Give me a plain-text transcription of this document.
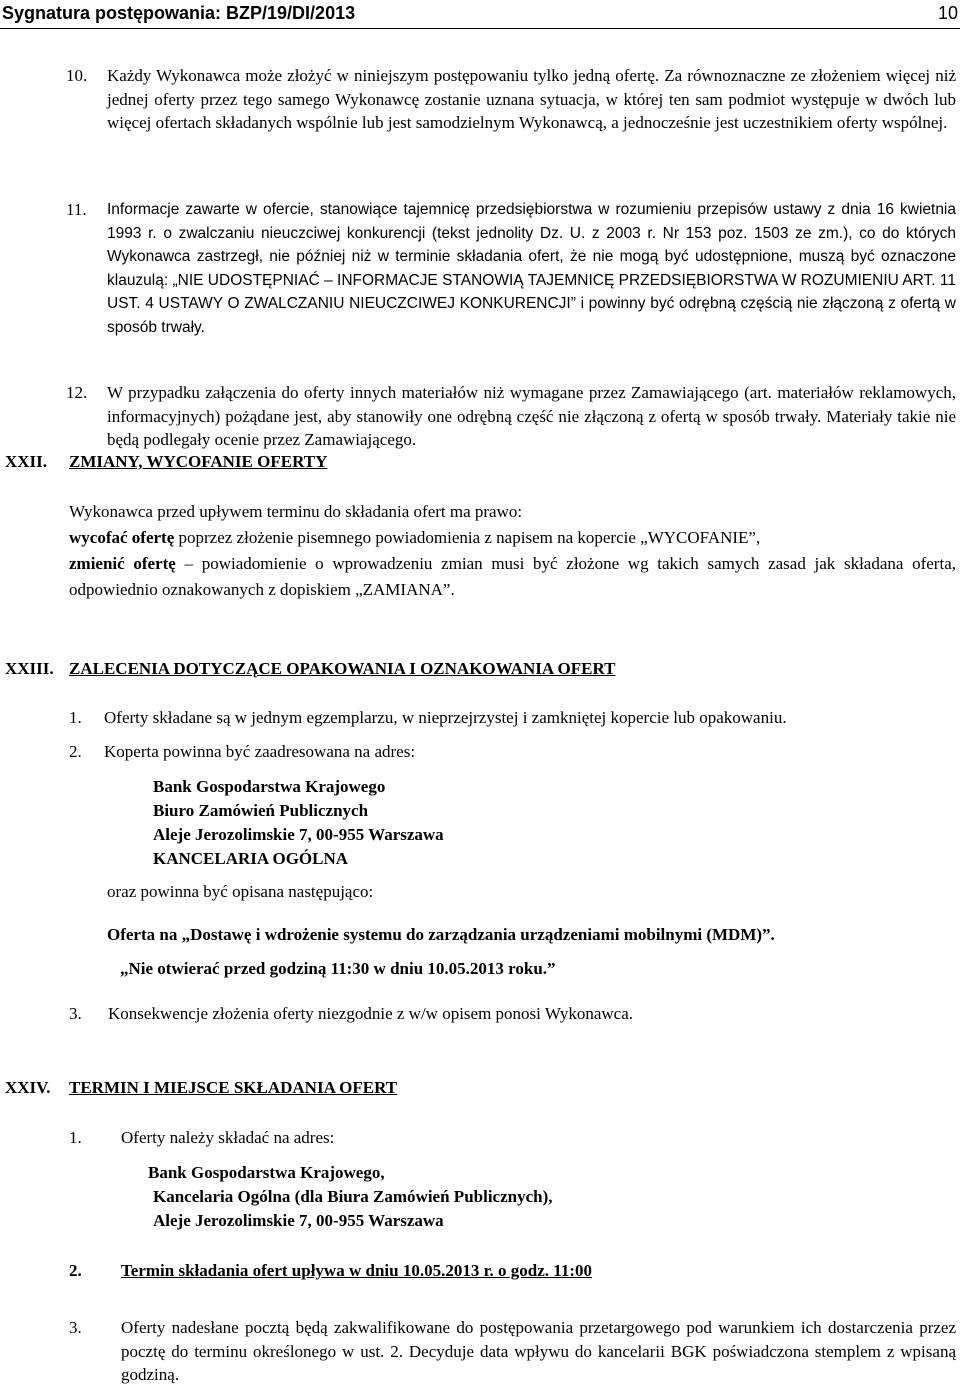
Sygnatura postępowania: BZP/19/DI/2013	10
10. Każdy Wykonawca może złożyć w niniejszym postępowaniu tylko jedną ofertę. Za równoznaczne ze złożeniem więcej niż jednej oferty przez tego samego Wykonawcę zostanie uznana sytuacja, w której ten sam podmiot występuje w dwóch lub więcej ofertach składanych wspólnie lub jest samodzielnym Wykonawcą, a jednocześnie jest uczestnikiem oferty wspólnej.

11. Informacje zawarte w ofercie, stanowiące tajemnicę przedsiębiorstwa w rozumieniu przepisów ustawy z dnia 16 kwietnia 1993 r. o zwalczaniu nieuczciwej konkurencji (tekst jednolity Dz. U. z 2003 r. Nr 153 poz. 1503 ze zm.), co do których Wykonawca zastrzegł, nie później niż w terminie składania ofert, że nie mogą być udostępnione, muszą być oznaczone klauzulą: „NIE UDOSTĘPNIAĆ – INFORMACJE STANOWIĄ TAJEMNICĘ PRZEDSIĘBIORSTWA W ROZUMIENIU ART. 11 UST. 4 USTAWY O ZWALCZANIU NIEUCZCIWEJ KONKURENCJI” i powinny być odrębną częścią nie złączoną z ofertą w sposób trwały.

12. W przypadku załączenia do oferty innych materiałów niż wymagane przez Zamawiającego (art. materiałów reklamowych, informacyjnych) pożądane jest, aby stanowiły one odrębną część nie złączoną z ofertą w sposób trwały. Materiały takie nie będą podlegały ocenie przez Zamawiającego.

XXII. ZMIANY, WYCOFANIE OFERTY

Wykonawca przed upływem terminu do składania ofert ma prawo:

wycofać ofertę poprzez złożenie pisemnego powiadomienia z napisem na kopercie „WYCOFANIE”,

zmienić ofertę – powiadomienie o wprowadzeniu zmian musi być złożone wg takich samych zasad jak składana oferta, odpowiednio oznakowanych z dopiskiem „ZAMIANA”.

XXIII. ZALECENIA DOTYCZĄCE OPAKOWANIA I OZNAKOWANIA OFERT
1. Oferty składane są w jednym egzemplarzu, w nieprzejrzystej i zamkniętej kopercie lub opakowaniu.

2. Koperta powinna być zaadresowana na adres:

Bank Gospodarstwa Krajowego
Biuro Zamówień Publicznych
Aleje Jerozolimskie 7, 00-955 Warszawa
KANCELARIA OGÓLNA

oraz powinna być opisana następująco:

Oferta na „Dostawę i wdrożenie systemu do zarządzania urządzeniami mobilnymi (MDM)”.
„Nie otwierać przed godziną 11:30 w dniu 10.05.2013 roku.”
3. Konsekwencje złożenia oferty niezgodnie z w/w opisem ponosi Wykonawca.

XXIV. TERMIN I MIEJSCE SKŁADANIA OFERT
1. Oferty należy składać na adres:

Bank Gospodarstwa Krajowego,
Kancelaria Ogólna (dla Biura Zamówień Publicznych),
Aleje Jerozolimskie 7, 00-955 Warszawa
2. Termin składania ofert upływa w dniu 10.05.2013 r. o godz. 11:00

3. Oferty nadesłane pocztą będą zakwalifikowane do postępowania przetargowego pod warunkiem ich dostarczenia przez pocztę do terminu określonego w ust. 2. Decyduje data wpływu do kancelarii BGK poświadczona stemplem z wpisaną godziną.
